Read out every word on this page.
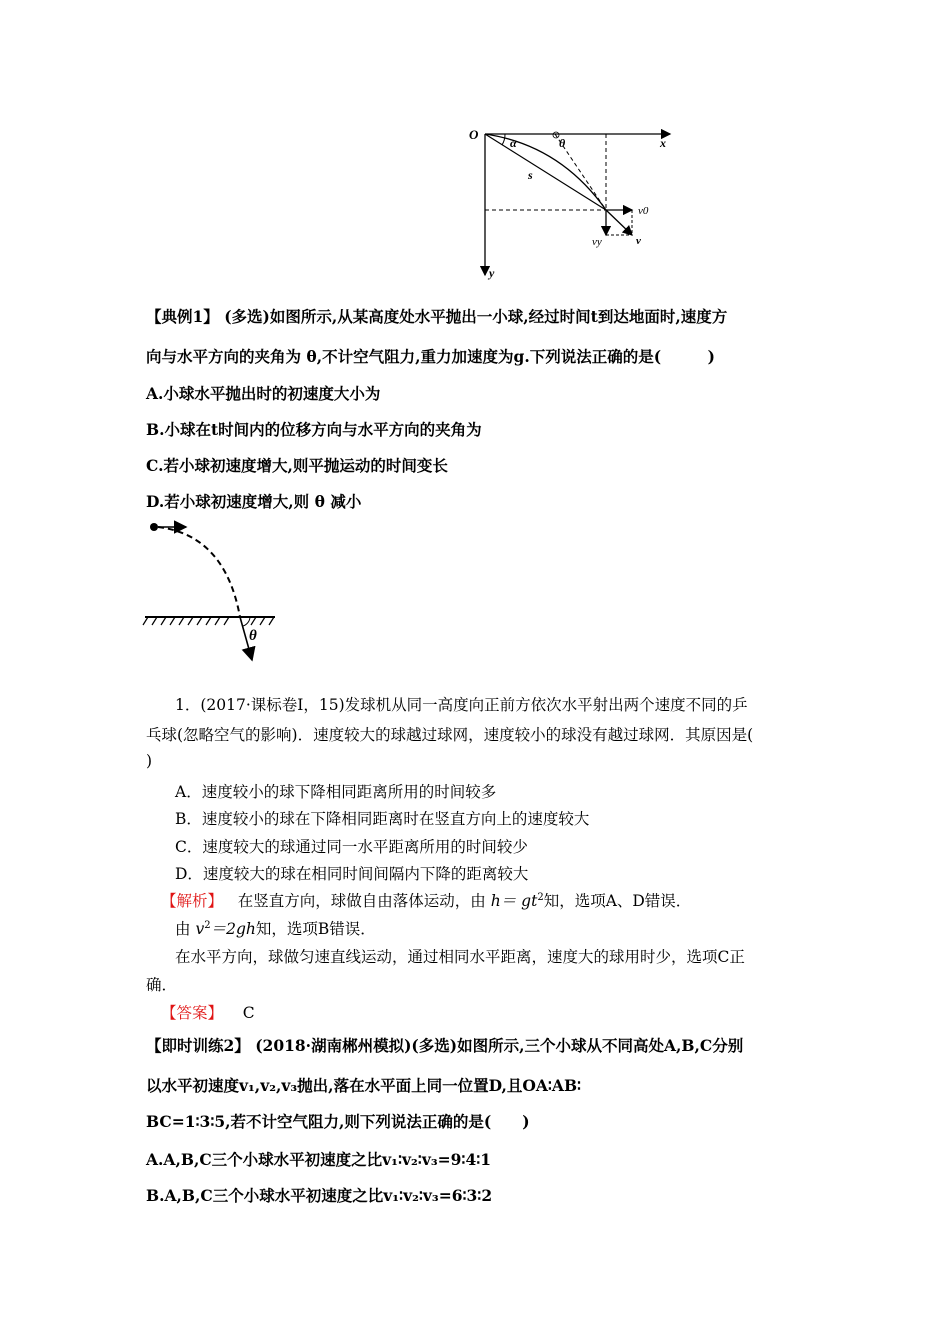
O
x
y
α	θ
s
v0
vy	v
【典例1】 (多选)如图所示,从某高度处水平抛出一小球,经过时间t到达地面时,速度方
向与水平方向的夹角为 θ,不计空气阻力,重力加速度为g.下列说法正确的是(　　　)
A.小球水平抛出时的初速度大小为
B.小球在t时间内的位移方向与水平方向的夹角为
C.若小球初速度增大,则平抛运动的时间变长
D.若小球初速度增大,则 θ 减小
θ
1．(2017·课标卷Ⅰ，15)发球机从同一高度向正前方依次水平射出两个速度不同的乒
乓球(忽略空气的影响)．速度较大的球越过球网，速度较小的球没有越过球网．其原因是(
)
A．速度较小的球下降相同距离所用的时间较多
B．速度较小的球在下降相同距离时在竖直方向上的速度较大
C．速度较大的球通过同一水平距离所用的时间较少
D．速度较大的球在相同时间间隔内下降的距离较大
【解析】 在竖直方向，球做自由落体运动，由 $h= gt^2$知，选项A、D错误．
由 $v^2=2gh$知，选项B错误．
在水平方向，球做匀速直线运动，通过相同水平距离，速度大的球用时少，选项C正
确．
【答案】 C
【即时训练2】 (2018·湖南郴州模拟)(多选)如图所示,三个小球从不同高处A,B,C分别
以水平初速度v₁,v₂,v₃抛出,落在水平面上同一位置D,且OA∶AB∶
BC=1∶3∶5,若不计空气阻力,则下列说法正确的是(　　)
A.A,B,C三个小球水平初速度之比v₁∶v₂∶v₃=9∶4∶1
B.A,B,C三个小球水平初速度之比v₁∶v₂∶v₃=6∶3∶2
